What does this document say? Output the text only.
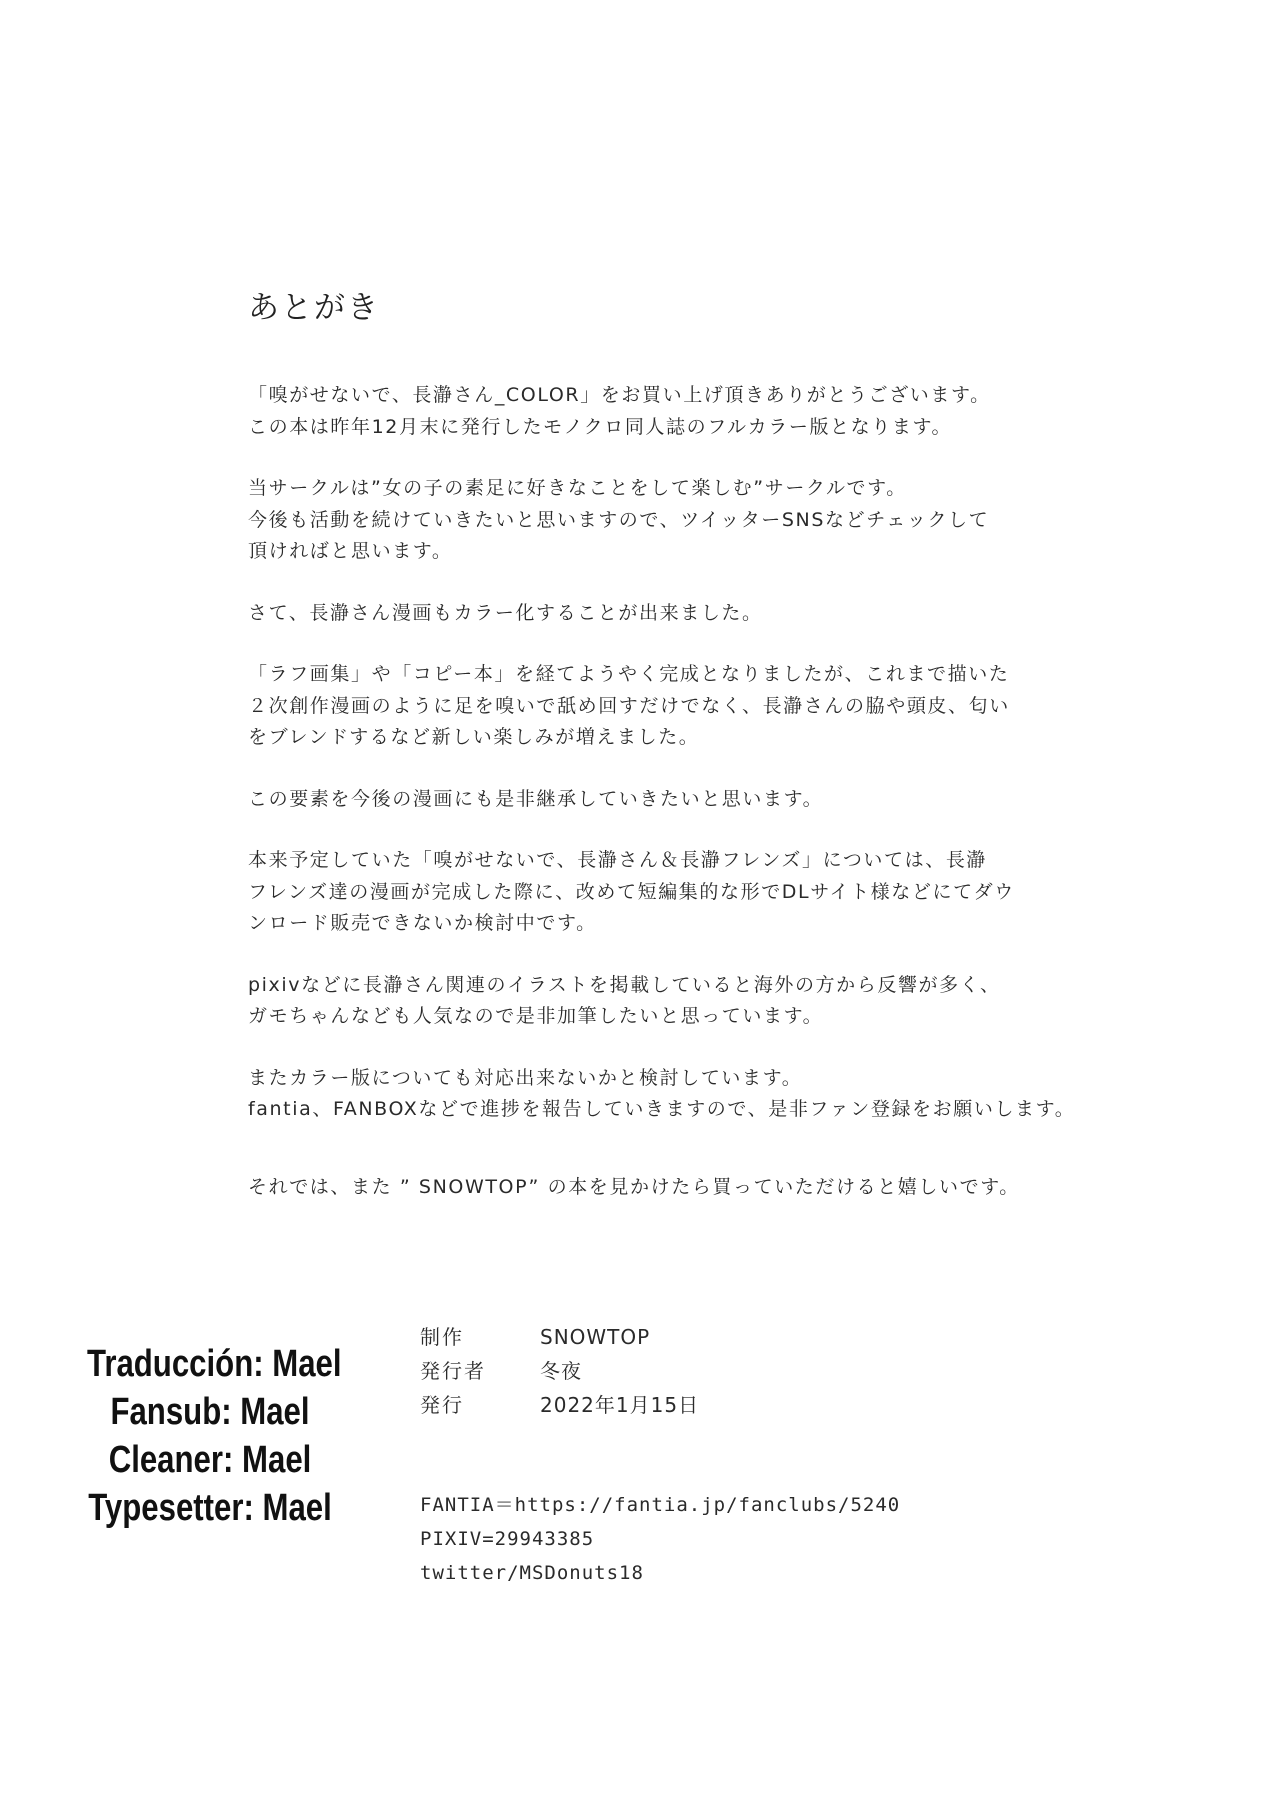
あとがき
「嗅がせないで、長瀞さん_COLOR」をお買い上げ頂きありがとうございます。
この本は昨年12月末に発行したモノクロ同人誌のフルカラー版となります。
当サークルは”女の子の素足に好きなことをして楽しむ”サークルです。
今後も活動を続けていきたいと思いますので、ツイッターSNSなどチェックして
頂ければと思います。
さて、長瀞さん漫画もカラー化することが出来ました。
「ラフ画集」や「コピー本」を経てようやく完成となりましたが、これまで描いた
２次創作漫画のように足を嗅いで舐め回すだけでなく、長瀞さんの脇や頭皮、匂い
をブレンドするなど新しい楽しみが増えました。
この要素を今後の漫画にも是非継承していきたいと思います。
本来予定していた「嗅がせないで、長瀞さん＆長瀞フレンズ」については、長瀞
フレンズ達の漫画が完成した際に、改めて短編集的な形でDLサイト様などにてダウ
ンロード販売できないか検討中です。
pixivなどに長瀞さん関連のイラストを掲載していると海外の方から反響が多く、
ガモちゃんなども人気なので是非加筆したいと思っています。
またカラー版についても対応出来ないかと検討しています。
fantia、FANBOXなどで進捗を報告していきますので、是非ファン登録をお願いします。
それでは、また ” SNOWTOP” の本を見かけたら買っていただけると嬉しいです。
Traducción: Mael
Fansub: Mael
Cleaner: Mael
Typesetter: Mael
制作	SNOWTOP
発行者	冬夜
発行	2022年1月15日
FANTIA＝https://fantia.jp/fanclubs/5240
PIXIV=29943385
twitter/MSDonuts18
